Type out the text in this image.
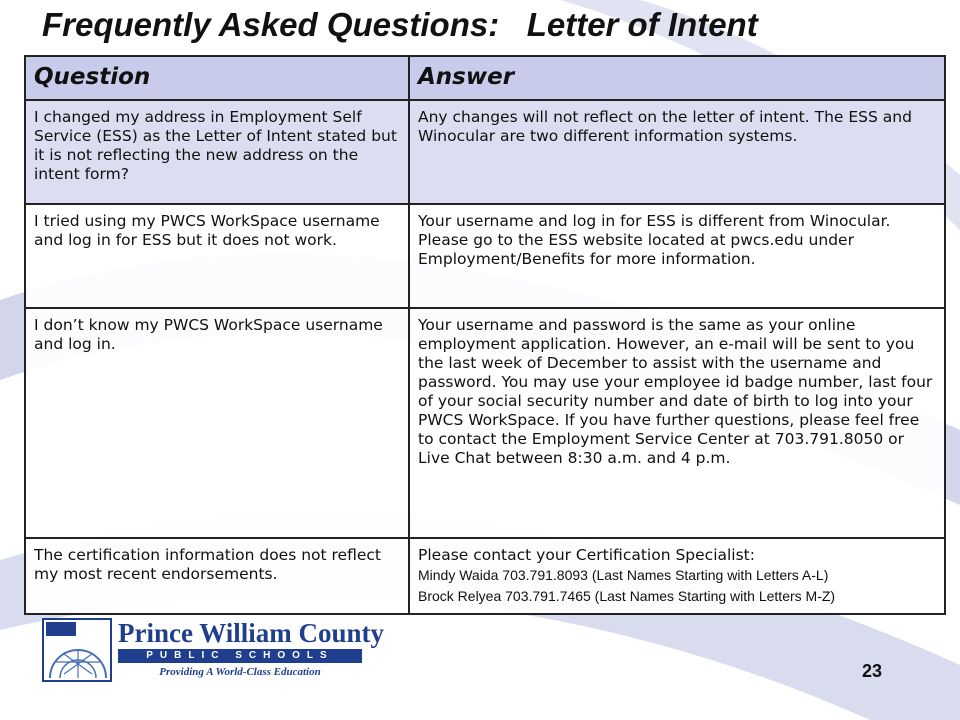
Frequently Asked Questions:   Letter of Intent
Question	Answer
I changed my address in Employment Self Service (ESS) as the Letter of Intent stated but it is not reflecting the new address on the intent form?	Any changes will not reflect on the letter of intent. The ESS and Winocular are two different information systems.
I tried using my PWCS WorkSpace username and log in for ESS but it does not work.	Your username and log in for ESS is different from Winocular. Please go to the ESS website located at pwcs.edu under Employment/Benefits for more information.
I don’t know my PWCS WorkSpace username and log in.	Your username and password is the same as your online employment application. However, an e-mail will be sent to you the last week of December to assist with the username and password. You may use your employee id badge number, last four of your social security number and date of birth to log into your PWCS WorkSpace. If you have further questions, please feel free to contact the Employment Service Center at 703.791.8050 or Live Chat between 8:30 a.m. and 4 p.m.
The certification information does not reflect my most recent endorsements.	Please contact your Certification Specialist:
Mindy Waida 703.791.8093 (Last Names Starting with Letters A-L)
Brock Relyea 703.791.7465 (Last Names Starting with Letters M-Z)
Prince William County
PUBLIC SCHOOLS
Providing A World-Class Education	23
